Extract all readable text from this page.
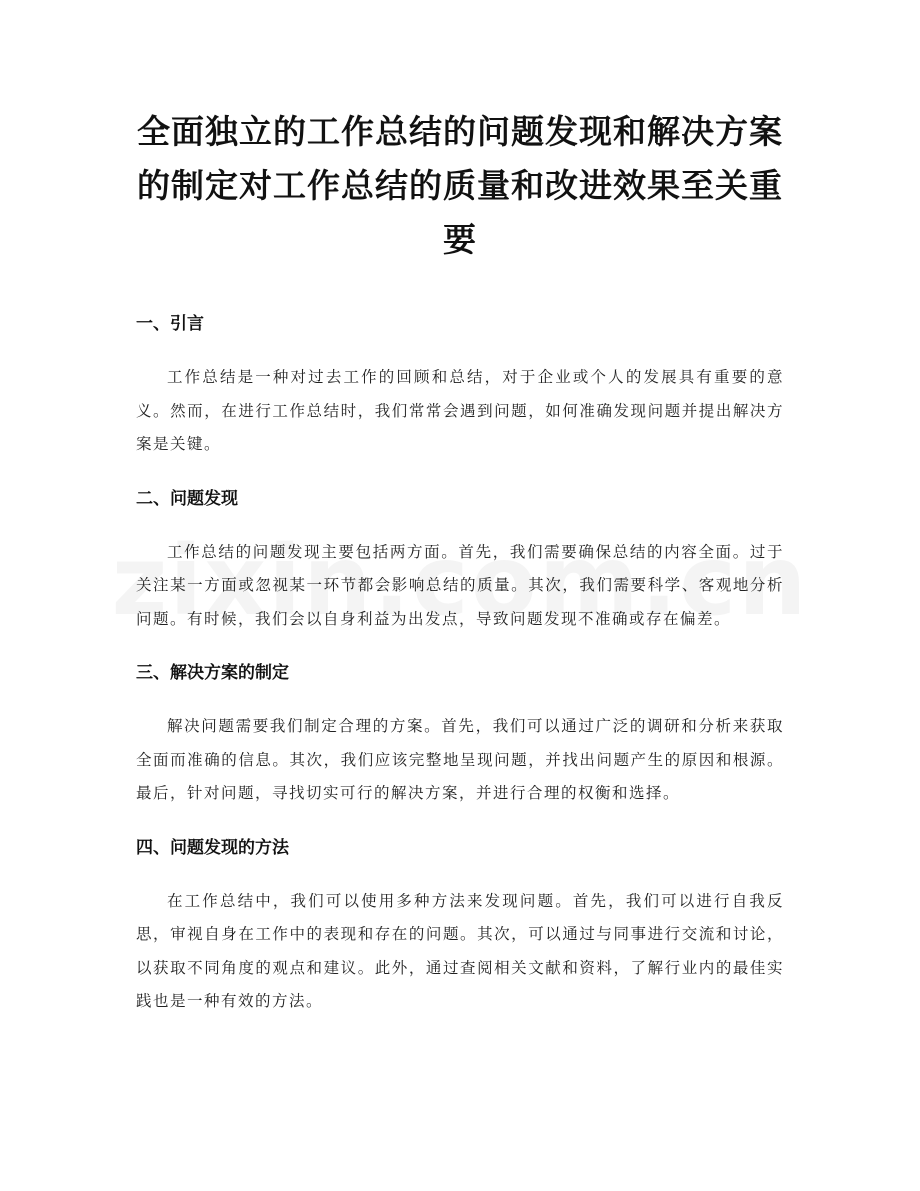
全面独立的工作总结的问题发现和解决方案
的制定对工作总结的质量和改进效果至关重
要
一、引言

工作总结是一种对过去工作的回顾和总结，对于企业或个人的发展具有重要的意义。然而，在进行工作总结时，我们常常会遇到问题，如何准确发现问题并提出解决方案是关键。

二、问题发现

工作总结的问题发现主要包括两方面。首先，我们需要确保总结的内容全面。过于关注某一方面或忽视某一环节都会影响总结的质量。其次，我们需要科学、客观地分析问题。有时候，我们会以自身利益为出发点，导致问题发现不准确或存在偏差。

三、解决方案的制定

解决问题需要我们制定合理的方案。首先，我们可以通过广泛的调研和分析来获取全面而准确的信息。其次，我们应该完整地呈现问题，并找出问题产生的原因和根源。最后，针对问题，寻找切实可行的解决方案，并进行合理的权衡和选择。

四、问题发现的方法

在工作总结中，我们可以使用多种方法来发现问题。首先，我们可以进行自我反思，审视自身在工作中的表现和存在的问题。其次，可以通过与同事进行交流和讨论，以获取不同角度的观点和建议。此外，通过查阅相关文献和资料，了解行业内的最佳实践也是一种有效的方法。
